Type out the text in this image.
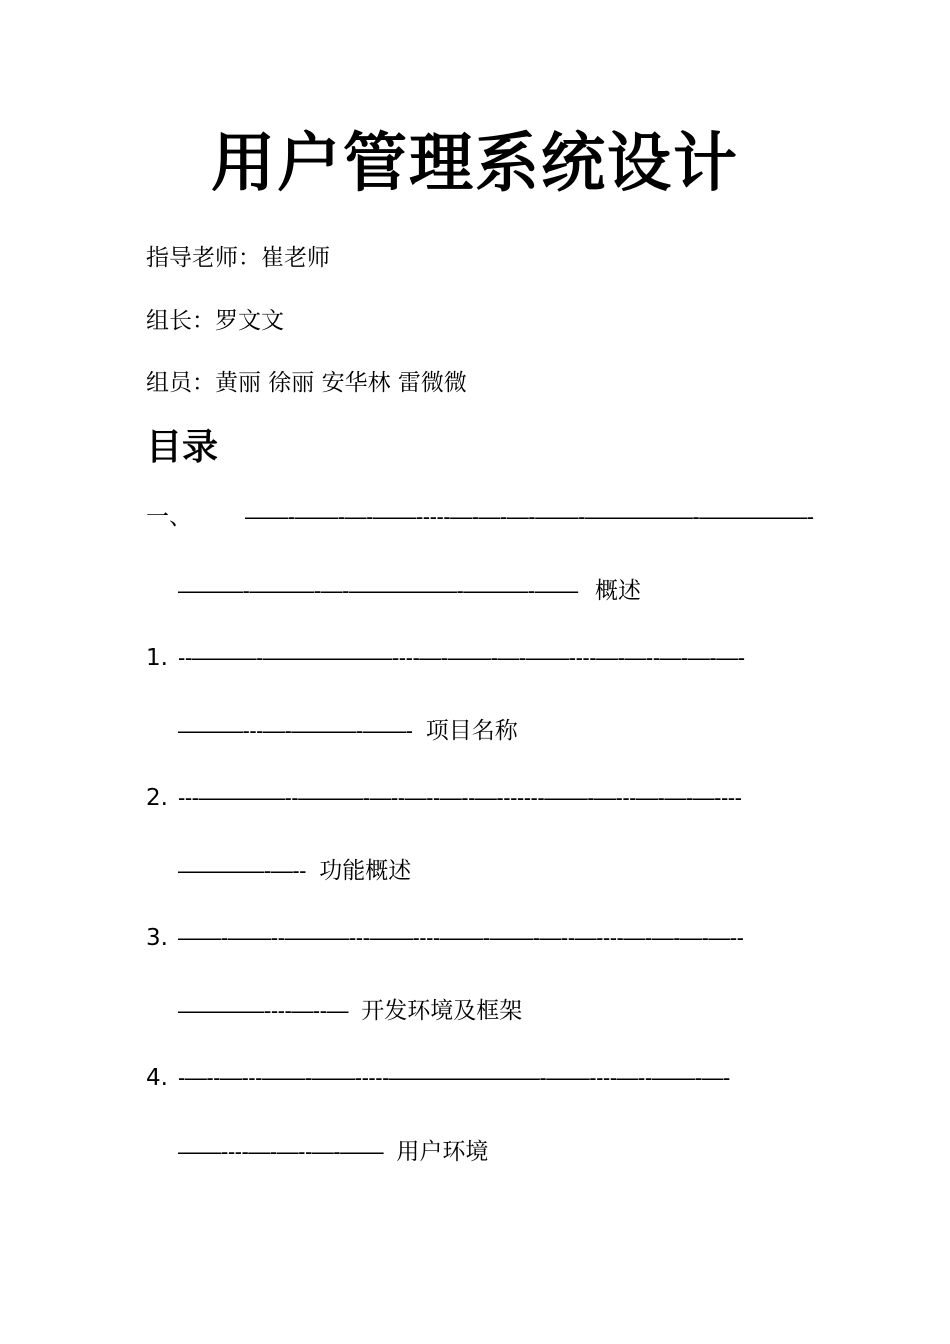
用户管理系统设计
指导老师：崔老师
组长：罗文文
组员：黄丽 徐丽 安华林 雷微微
目录
一、 ——-——-—-——-----—-—-—-——-—————-—————-
———-———-—-—————-———-—— 概述
1. --———-——————----—-——-—-——----—-—--—-—-—-
———---—-———-——- 项目名称
2. ---————--———-—--—--—--—-------——-—---—-—-—----
————-—-- 功能概述
3. ——-——--———---——----——-——-—--—----—-—-—-—--
————----—--— 开发环境及框架
4. -—--—---——-——-----———————-——----—--——-—-
——----—-—--—-—— 用户环境
